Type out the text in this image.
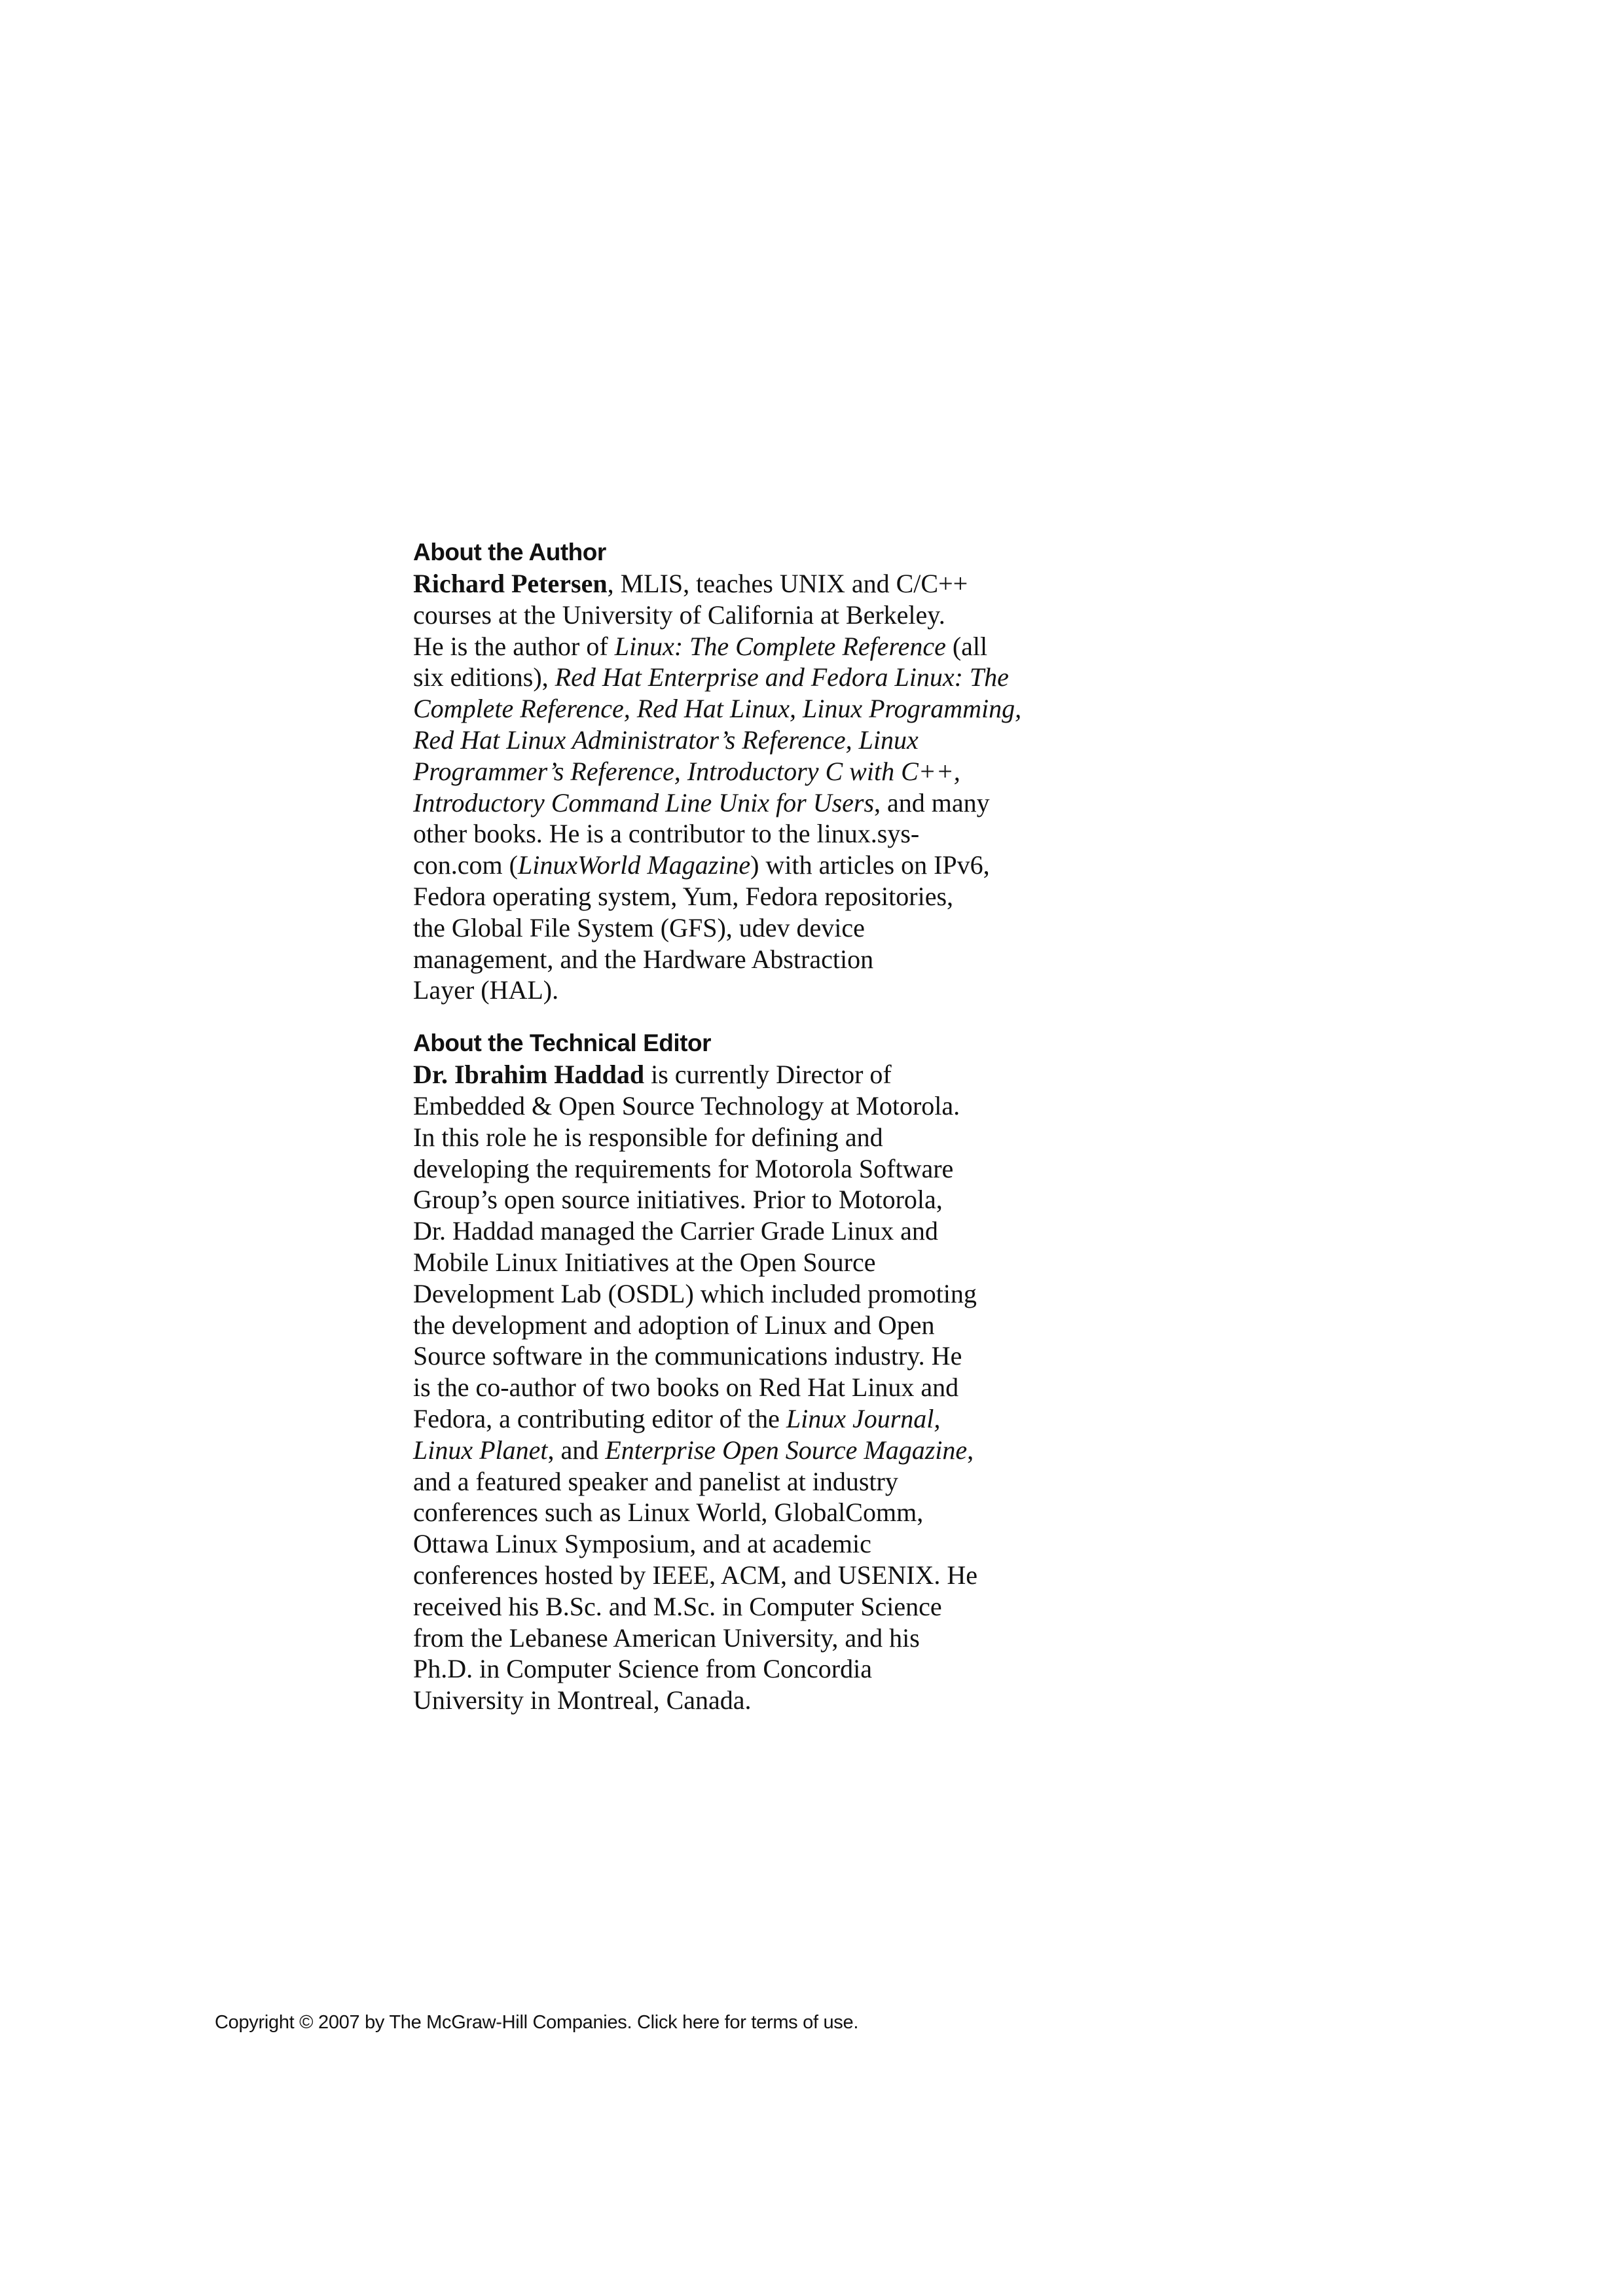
About the Author

Richard Petersen, MLIS, teaches UNIX and C/C++
courses at the University of California at Berkeley.
He is the author of Linux: The Complete Reference (all
six editions), Red Hat Enterprise and Fedora Linux: The
Complete Reference, Red Hat Linux, Linux Programming,
Red Hat Linux Administrator’s Reference, Linux
Programmer’s Reference, Introductory C with C++,
Introductory Command Line Unix for Users, and many
other books. He is a contributor to the linux.sys-
con.com (LinuxWorld Magazine) with articles on IPv6,
Fedora operating system, Yum, Fedora repositories,
the Global File System (GFS), udev device
management, and the Hardware Abstraction
Layer (HAL).

About the Technical Editor

Dr. Ibrahim Haddad is currently Director of
Embedded & Open Source Technology at Motorola.
In this role he is responsible for defining and
developing the requirements for Motorola Software
Group’s open source initiatives. Prior to Motorola,
Dr. Haddad managed the Carrier Grade Linux and
Mobile Linux Initiatives at the Open Source
Development Lab (OSDL) which included promoting
the development and adoption of Linux and Open
Source software in the communications industry. He
is the co-author of two books on Red Hat Linux and
Fedora, a contributing editor of the Linux Journal,
Linux Planet, and Enterprise Open Source Magazine,
and a featured speaker and panelist at industry
conferences such as Linux World, GlobalComm,
Ottawa Linux Symposium, and at academic
conferences hosted by IEEE, ACM, and USENIX. He
received his B.Sc. and M.Sc. in Computer Science
from the Lebanese American University, and his
Ph.D. in Computer Science from Concordia
University in Montreal, Canada.

Copyright © 2007 by The McGraw-Hill Companies. Click here for terms of use.
